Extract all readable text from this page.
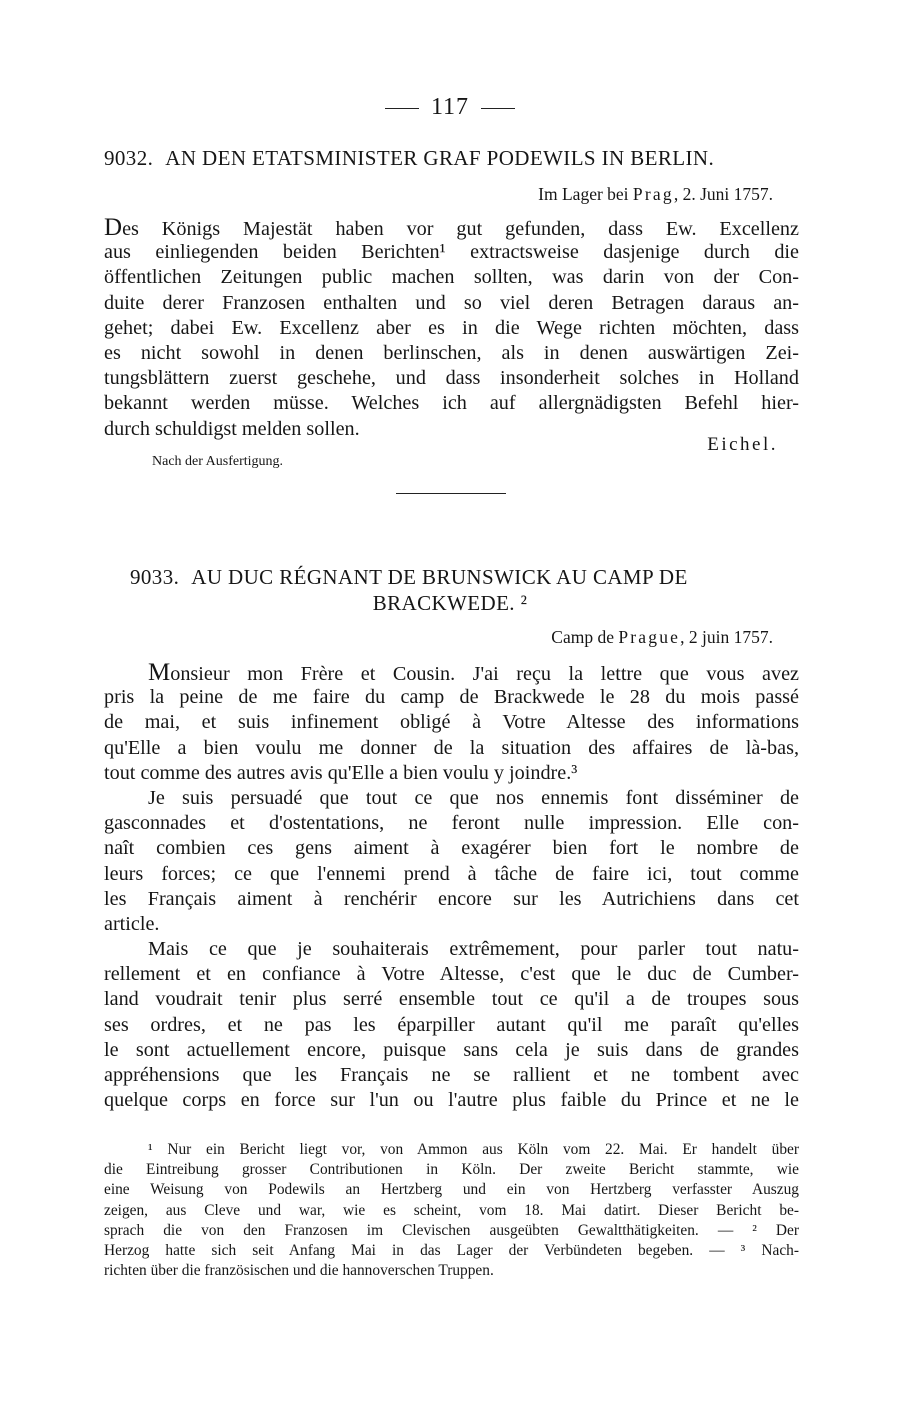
117
9032. AN DEN ETATSMINISTER GRAF PODEWILS IN BERLIN.
Im Lager bei Prag, 2. Juni 1757.
Des Königs Majestät haben vor gut gefunden, dass Ew. Excellenz
aus einliegenden beiden Berichten¹ extractsweise dasjenige durch die
öffentlichen Zeitungen public machen sollten, was darin von der Con-
duite derer Franzosen enthalten und so viel deren Betragen daraus an-
gehet; dabei Ew. Excellenz aber es in die Wege richten möchten, dass
es nicht sowohl in denen berlinschen, als in denen auswärtigen Zei-
tungsblättern zuerst geschehe, und dass insonderheit solches in Holland
bekannt werden müsse. Welches ich auf allergnädigsten Befehl hier-
durch schuldigst melden sollen.
Eichel.
Nach der Ausfertigung.
9033. AU DUC RÉGNANT DE BRUNSWICK AU CAMP DE
BRACKWEDE. ²
Camp de Prague, 2 juin 1757.
Monsieur mon Frère et Cousin. J'ai reçu la lettre que vous avez
pris la peine de me faire du camp de Brackwede le 28 du mois passé
de mai, et suis infinement obligé à Votre Altesse des informations
qu'Elle a bien voulu me donner de la situation des affaires de là-bas,
tout comme des autres avis qu'Elle a bien voulu y joindre.³
Je suis persuadé que tout ce que nos ennemis font disséminer de
gasconnades et d'ostentations, ne feront nulle impression. Elle con-
naît combien ces gens aiment à exagérer bien fort le nombre de
leurs forces; ce que l'ennemi prend à tâche de faire ici, tout comme
les Français aiment à renchérir encore sur les Autrichiens dans cet
article.
Mais ce que je souhaiterais extrêmement, pour parler tout natu-
rellement et en confiance à Votre Altesse, c'est que le duc de Cumber-
land voudrait tenir plus serré ensemble tout ce qu'il a de troupes sous
ses ordres, et ne pas les éparpiller autant qu'il me paraît qu'elles
le sont actuellement encore, puisque sans cela je suis dans de grandes
appréhensions que les Français ne se rallient et ne tombent avec
quelque corps en force sur l'un ou l'autre plus faible du Prince et ne le
¹ Nur ein Bericht liegt vor, von Ammon aus Köln vom 22. Mai. Er handelt über
die Eintreibung grosser Contributionen in Köln. Der zweite Bericht stammte, wie
eine Weisung von Podewils an Hertzberg und ein von Hertzberg verfasster Auszug
zeigen, aus Cleve und war, wie es scheint, vom 18. Mai datirt. Dieser Bericht be-
sprach die von den Franzosen im Clevischen ausgeübten Gewaltthätigkeiten. — ² Der
Herzog hatte sich seit Anfang Mai in das Lager der Verbündeten begeben. — ³ Nach-
richten über die französischen und die hannoverschen Truppen.
